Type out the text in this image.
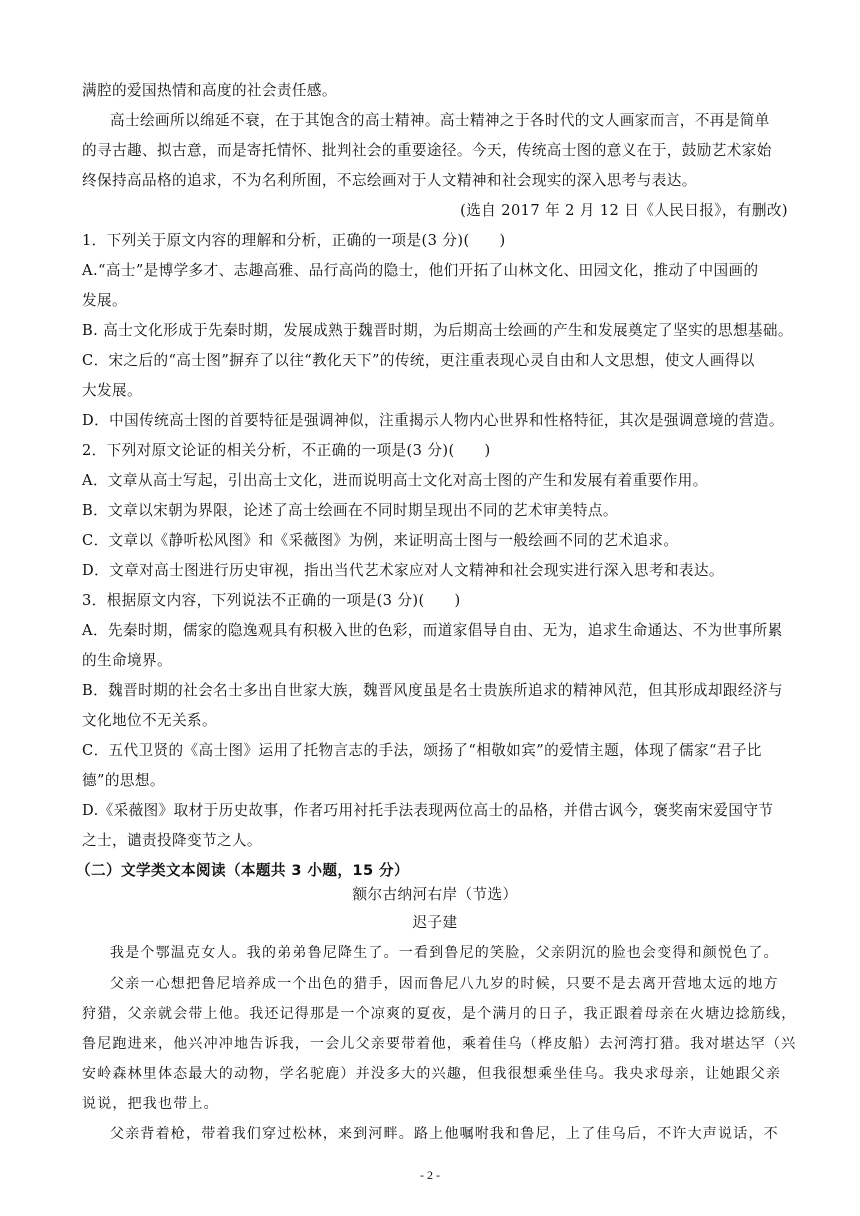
满腔的爱国热情和高度的社会责任感。
高士绘画所以绵延不衰，在于其饱含的高士精神。高士精神之于各时代的文人画家而言，不再是简单
的寻古趣、拟古意，而是寄托情怀、批判社会的重要途径。今天，传统高士图的意义在于，鼓励艺术家始
终保持高品格的追求，不为名利所囿，不忘绘画对于人文精神和社会现实的深入思考与表达。
(选自 2017 年 2 月 12 日《人民日报》，有删改)
1．下列关于原文内容的理解和分析，正确的一项是(3 分)(　　)
A.“高士”是博学多才、志趣高雅、品行高尚的隐士，他们开拓了山林文化、田园文化，推动了中国画的
发展。
B. 高士文化形成于先秦时期，发展成熟于魏晋时期，为后期高士绘画的产生和发展奠定了坚实的思想基础。
C．宋之后的“高士图”摒弃了以往“教化天下”的传统，更注重表现心灵自由和人文思想，使文人画得以
大发展。
D．中国传统高士图的首要特征是强调神似，注重揭示人物内心世界和性格特征，其次是强调意境的营造。
2．下列对原文论证的相关分析，不正确的一项是(3 分)(　　)
A．文章从高士写起，引出高士文化，进而说明高士文化对高士图的产生和发展有着重要作用。
B．文章以宋朝为界限，论述了高士绘画在不同时期呈现出不同的艺术审美特点。
C．文章以《静听松风图》和《采薇图》为例，来证明高士图与一般绘画不同的艺术追求。
D．文章对高士图进行历史审视，指出当代艺术家应对人文精神和社会现实进行深入思考和表达。
3．根据原文内容，下列说法不正确的一项是(3 分)(　　)
A．先秦时期，儒家的隐逸观具有积极入世的色彩，而道家倡导自由、无为，追求生命通达、不为世事所累
的生命境界。
B．魏晋时期的社会名士多出自世家大族，魏晋风度虽是名士贵族所追求的精神风范，但其形成却跟经济与
文化地位不无关系。
C．五代卫贤的《高士图》运用了托物言志的手法，颂扬了“相敬如宾”的爱情主题，体现了儒家“君子比
德”的思想。
D.《采薇图》取材于历史故事，作者巧用衬托手法表现两位高士的品格，并借古讽今，褒奖南宋爱国守节
之士，谴责投降变节之人。
（二）文学类文本阅读（本题共 3 小题，15 分）
额尔古纳河右岸（节选）
迟子建
我是个鄂温克女人。我的弟弟鲁尼降生了。一看到鲁尼的笑脸，父亲阴沉的脸也会变得和颜悦色了。
父亲一心想把鲁尼培养成一个出色的猎手，因而鲁尼八九岁的时候，只要不是去离开营地太远的地方
狩猎，父亲就会带上他。我还记得那是一个凉爽的夏夜，是个满月的日子，我正跟着母亲在火塘边捻筋线，
鲁尼跑进来，他兴冲冲地告诉我，一会儿父亲要带着他，乘着佳乌（桦皮船）去河湾打猎。我对堪达罕（兴
安岭森林里体态最大的动物，学名驼鹿）并没多大的兴趣，但我很想乘坐佳乌。我央求母亲，让她跟父亲
说说，把我也带上。
父亲背着枪，带着我们穿过松林，来到河畔。路上他嘱咐我和鲁尼，上了佳乌后，不许大声说话，不
- 2 -
